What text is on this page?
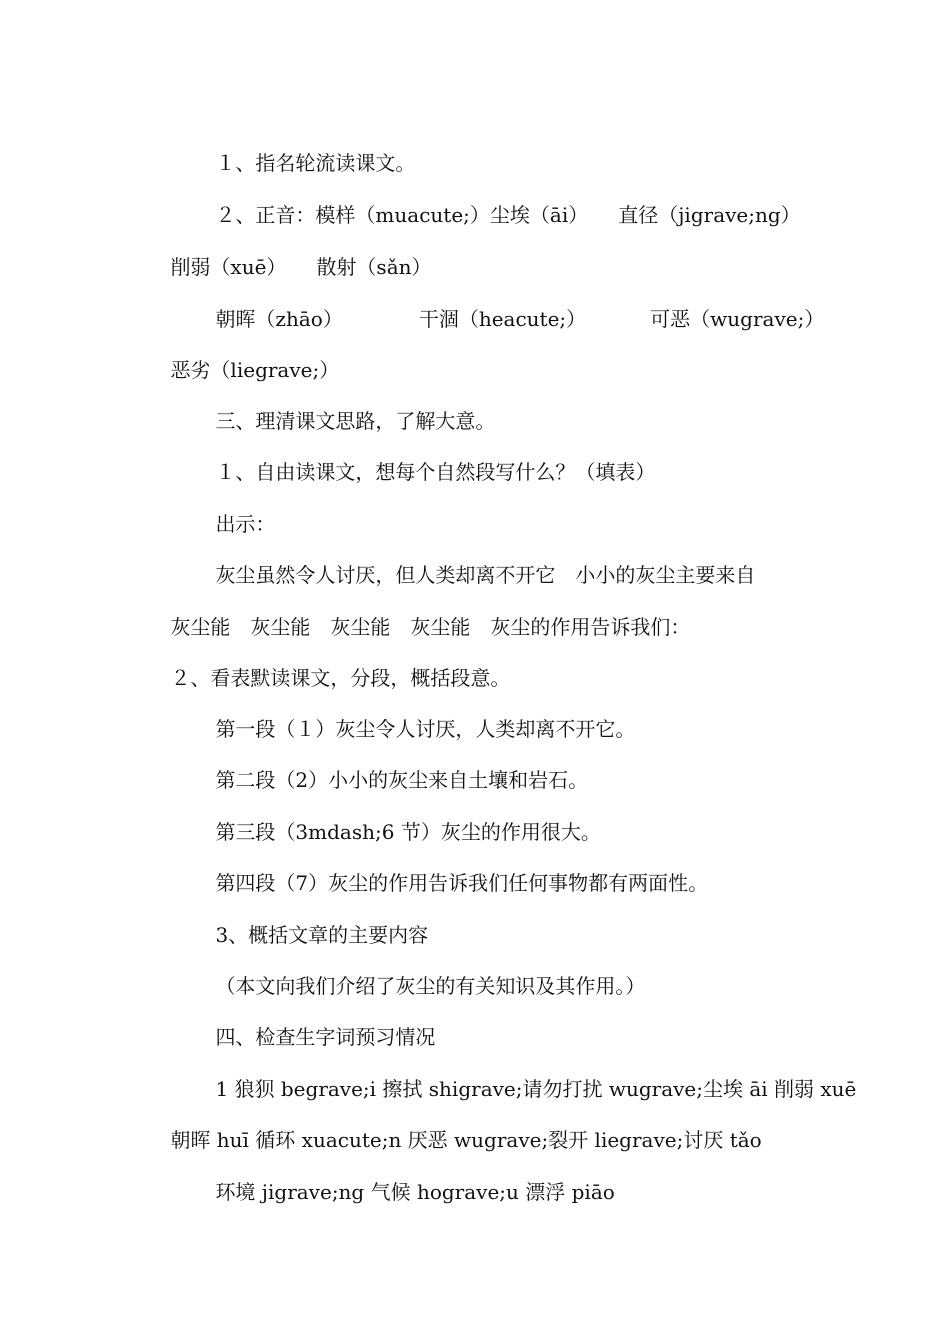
１、指名轮流读课文。

２、正音：模样（muacute;）尘埃（āi） 直径（jigrave;ng）

削弱（xuē） 散射（sǎn）

朝晖（zhāo）	干涸（heacute;）	可恶（wugrave;）

恶劣（liegrave;）

三、理清课文思路，了解大意。

１、自由读课文，想每个自然段写什么？（填表）

出示：

灰尘虽然令人讨厌，但人类却离不开它　小小的灰尘主要来自

灰尘能　灰尘能　灰尘能　灰尘能　灰尘的作用告诉我们：

２、看表默读课文，分段，概括段意。

第一段（１）灰尘令人讨厌，人类却离不开它。

第二段（2）小小的灰尘来自土壤和岩石。

第三段（3mdash;6 节）灰尘的作用很大。

第四段（7）灰尘的作用告诉我们任何事物都有两面性。

3、概括文章的主要内容

（本文向我们介绍了灰尘的有关知识及其作用。）

四、检查生字词预习情况

1 狼狈 begrave;i 擦拭 shigrave;请勿打扰 wugrave;尘埃 āi 削弱 xuē

朝晖 huī 循环 xuacute;n 厌恶 wugrave;裂开 liegrave;讨厌 tǎo

环境 jigrave;ng 气候 hograve;u 漂浮 piāo
